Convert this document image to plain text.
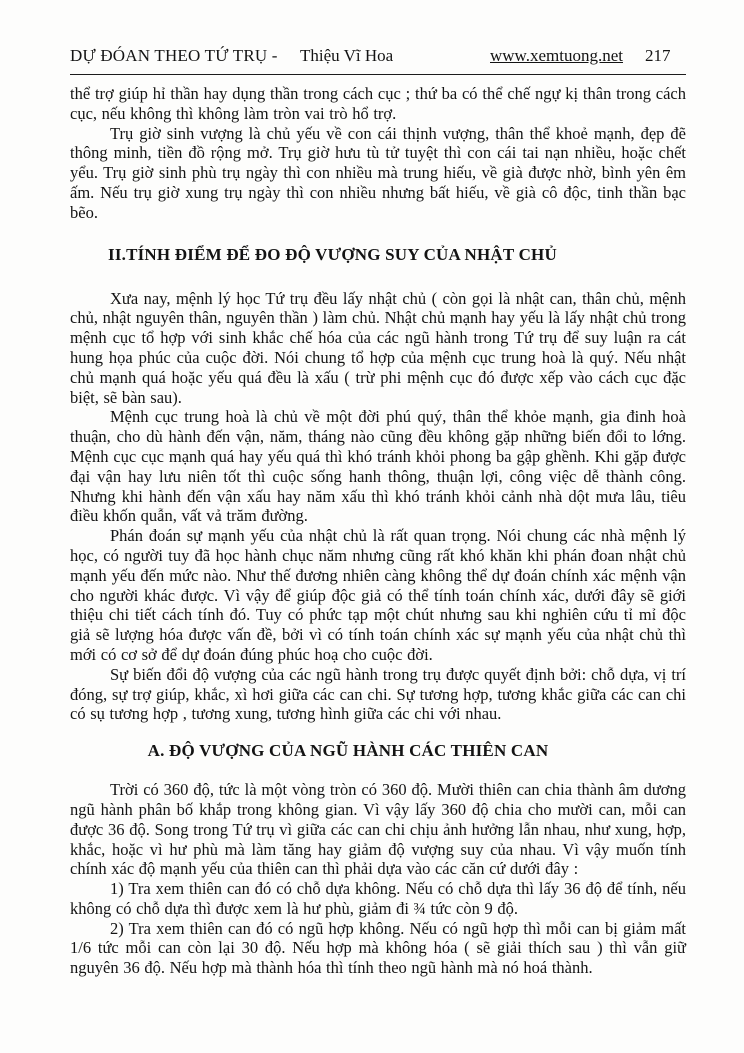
DỰ ĐÓAN THEO TỨ TRỤ - Thiệu Vĩ Hoa	www.xemtuong.net 217

thể trợ giúp hỉ thần hay dụng thần trong cách cục ; thứ ba có thể chế ngự kị thân trong cách cục, nếu không thì không làm tròn vai trò hổ trợ.

Trụ giờ sinh vượng là chủ yếu về con cái thịnh vượng, thân thể khoẻ mạnh, đẹp đẽ thông minh, tiền đồ rộng mở. Trụ giờ hưu tù tử tuyệt thì con cái tai nạn nhiều, hoặc chết yểu. Trụ giờ sinh phù trụ ngày thì con nhiều mà trung hiếu, về già được nhờ, bình yên êm ấm. Nếu trụ giờ xung trụ ngày thì con nhiều nhưng bất hiếu, về già cô độc, tinh thần bạc bẽo.

II.TÍNH ĐIỂM ĐỂ ĐO ĐỘ VƯỢNG SUY CỦA NHẬT CHỦ

Xưa nay, mệnh lý học Tứ trụ đều lấy nhật chủ ( còn gọi là nhật can, thân chủ, mệnh chủ, nhật nguyên thân, nguyên thần ) làm chủ. Nhật chủ mạnh hay yếu là lấy nhật chủ trong mệnh cục tổ hợp với sinh khắc chế hóa của các ngũ hành trong Tứ trụ để suy luận ra cát hung họa phúc của cuộc đời. Nói chung tổ hợp của mệnh cục trung hoà là quý. Nếu nhật chủ mạnh quá hoặc yếu quá đều là xấu ( trừ phi mệnh cục đó được xếp vào cách cục đặc biệt, sẽ bàn sau).

Mệnh cục trung hoà là chủ về một đời phú quý, thân thể khỏe mạnh, gia đinh hoà thuận, cho dù hành đến vận, năm, tháng nào cũng đều không gặp những biến đổi to lớng. Mệnh cục cục mạnh quá hay yếu quá thì khó tránh khỏi phong ba gập ghềnh. Khi gặp được đại vận hay lưu niên tốt thì cuộc sống hanh thông, thuận lợi, công việc dễ thành công. Nhưng khi hành đến vận xấu hay năm xấu thì khó tránh khỏi cảnh nhà dột mưa lâu, tiêu điều khốn quẫn, vất vả trăm đường.

Phán đoán sự mạnh yếu của nhật chủ là rất quan trọng. Nói chung các nhà mệnh lý học, có người tuy đã học hành chục năm nhưng cũng rất khó khăn khi phán đoan nhật chủ mạnh yếu đến mức nào. Như thế đương nhiên càng không thể dự đoán chính xác mệnh vận cho người khác được. Vì vậy để giúp độc giả có thể tính toán chính xác, dưới đây sẽ giới thiệu chi tiết cách tính đó. Tuy có phức tạp một chút nhưng sau khi nghiên cứu tỉ mỉ độc giả sẽ lượng hóa được vấn đề, bởi vì có tính toán chính xác sự mạnh yếu của nhật chủ thì mới có cơ sở để dự đoán đúng phúc hoạ cho cuộc đời.

Sự biến đổi độ vượng của các ngũ hành trong trụ được quyết định bởi: chỗ dựa, vị trí đóng, sự trợ giúp, khắc, xì hơi giữa các can chi. Sự tương hợp, tương khắc giữa các can chi có sụ tương hợp , tương xung, tương hình giữa các chi với nhau.

A. ĐỘ VƯỢNG CỦA NGŨ HÀNH CÁC THIÊN CAN

Trời có 360 độ, tức là một vòng tròn có 360 độ. Mười thiên can chia thành âm dương ngũ hành phân bố khắp trong không gian. Vì vậy lấy 360 độ chia cho mười can, mỗi can được 36 độ. Song trong Tứ trụ vì giữa các can chi chịu ảnh hưởng lẫn nhau, như xung, hợp, khắc, hoặc vì hư phù mà làm tăng hay giảm độ vượng suy của nhau. Vì vậy muốn tính chính xác độ mạnh yếu của thiên can thì phải dựa vào các căn cứ dưới đây :

1) Tra xem thiên can đó có chỗ dựa không. Nếu có chỗ dựa thì lấy 36 độ để tính, nếu không có chỗ dựa thì được xem là hư phù, giảm đi ¾ tức còn 9 độ.

2) Tra xem thiên can đó có ngũ hợp không. Nếu có ngũ hợp thì mỗi can bị giảm mất 1/6 tức mỗi can còn lại 30 độ. Nếu hợp mà không hóa ( sẽ giải thích sau ) thì vẫn giữ nguyên 36 độ. Nếu hợp mà thành hóa thì tính theo ngũ hành mà nó hoá thành.
